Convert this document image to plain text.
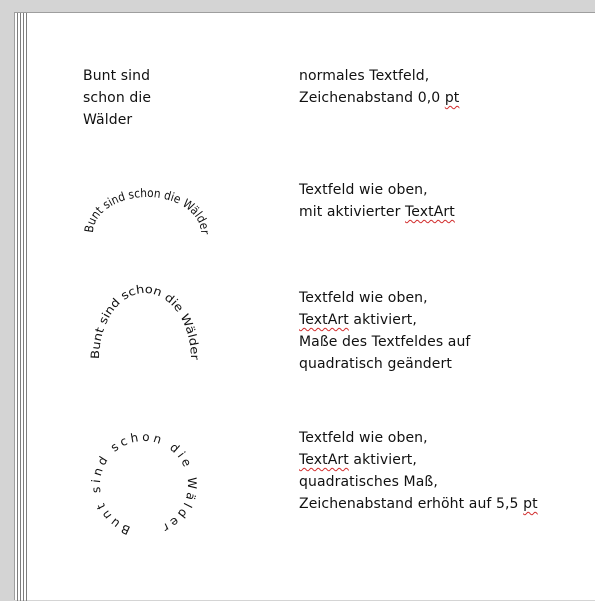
Bunt sind
schon die
Wälder
Bunt sind schon die Wälder
Bunt sind schon die Wälder
Bunt sind schon die Wälder
normales Textfeld,
Zeichenabstand 0,0 pt
Textfeld wie oben,
mit aktivierter TextArt
Textfeld wie oben,
TextArt aktiviert,
Maße des Textfeldes auf
quadratisch geändert
Textfeld wie oben,
TextArt aktiviert,
quadratisches Maß,
Zeichenabstand erhöht auf 5,5 pt
